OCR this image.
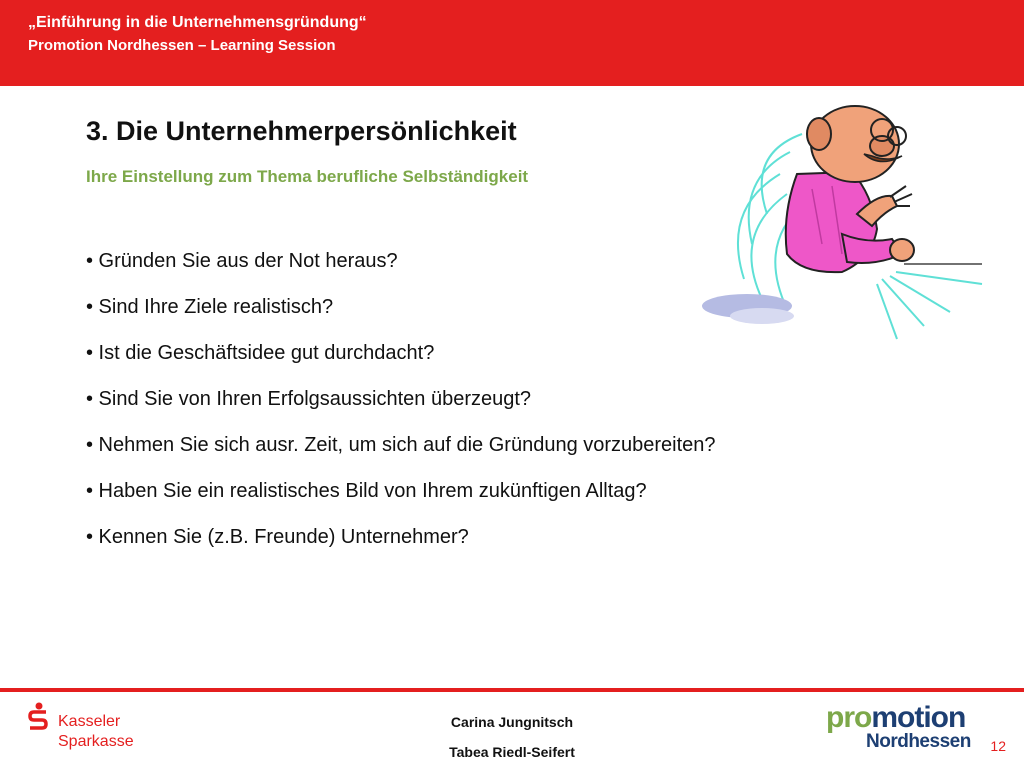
„Einführung in die Unternehmensgründung“
Promotion Nordhessen – Learning Session
3. Die Unternehmerpersönlichkeit
Ihre Einstellung zum Thema berufliche Selbständigkeit
• Gründen Sie aus der Not heraus?
• Sind Ihre Ziele realistisch?
• Ist die Geschäftsidee gut durchdacht?
• Sind Sie von Ihren Erfolgsaussichten überzeugt?
• Nehmen Sie sich ausr. Zeit, um sich auf die Gründung vorzubereiten?
• Haben Sie ein realistisches Bild von Ihrem zukünftigen Alltag?
• Kennen Sie (z.B. Freunde) Unternehmer?
Kasseler
Sparkasse
Carina Jungnitsch
Tabea Riedl-Seifert
promotion
Nordhessen 12
